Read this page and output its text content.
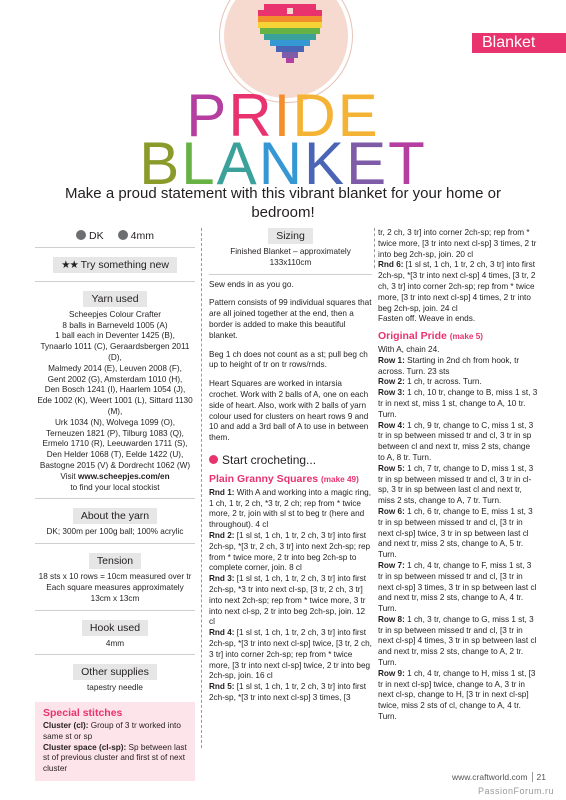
Blanket
PRIDE
BLANKET
Make a proud statement with this vibrant blanket for your home or bedroom!
DK	4mm
★★ Try something new
Yarn used
Scheepjes Colour Crafter
8 balls in Barneveld 1005 (A)
1 ball each in Deventer 1425 (B),
Tynaarlo 1011 (C), Geraardsbergen 2011 (D),
Malmedy 2014 (E), Leuven 2008 (F),
Gent 2002 (G), Amsterdam 1010 (H),
Den Bosch 1241 (I), Haarlem 1054 (J),
Ede 1002 (K), Weert 1001 (L), Sittard 1130 (M),
Urk 1034 (N), Wolvega 1099 (O),
Terneuzen 1821 (P), Tilburg 1083 (Q),
Ermelo 1710 (R), Leeuwarden 1711 (S),
Den Helder 1068 (T), Eelde 1422 (U),
Bastogne 2015 (V) & Dordrecht 1062 (W)
Visit www.scheepjes.com/en
to find your local stockist
About the yarn
DK; 300m per 100g ball; 100% acrylic
Tension
18 sts x 10 rows = 10cm measured over tr
Each square measures approximately
13cm x 13cm
Hook used
4mm
Other supplies
tapestry needle
Special stitches
Cluster (cl): Group of 3 tr worked into same st or sp
Cluster space (cl-sp): Sp between last st of previous cluster and first st of next cluster
Sizing
Finished Blanket – approximately
133x110cm
Sew ends in as you go.
Pattern consists of 99 individual squares that are all joined together at the end, then a border is added to make this beautiful blanket.
Beg 1 ch does not count as a st; pull beg ch up to height of tr on tr rows/rnds.
Heart Squares are worked in intarsia crochet. Work with 2 balls of A, one on each side of heart. Also, work with 2 balls of yarn colour used for clusters on heart rows 9 and 10 and add a 3rd ball of A to use in between them.
Start crocheting...
Plain Granny Squares (make 49)
Rnd 1: With A and working into a magic ring, 1 ch, 1 tr, 2 ch, *3 tr, 2 ch; rep from * twice more, 2 tr, join with sl st to beg tr (here and throughout). 4 cl
Rnd 2: [1 sl st, 1 ch, 1 tr, 2 ch, 3 tr] into first 2ch-sp, *[3 tr, 2 ch, 3 tr] into next 2ch-sp; rep from * twice more, 2 tr into beg 2ch-sp to complete corner, join. 8 cl
Rnd 3: [1 sl st, 1 ch, 1 tr, 2 ch, 3 tr] into first 2ch-sp, *3 tr into next cl-sp, [3 tr, 2 ch, 3 tr] into next 2ch-sp; rep from * twice more, 3 tr into next cl-sp, 2 tr into beg 2ch-sp, join. 12 cl
Rnd 4: [1 sl st, 1 ch, 1 tr, 2 ch, 3 tr] into first 2ch-sp, *[3 tr into next cl-sp] twice, [3 tr, 2 ch, 3 tr] into corner 2ch-sp; rep from * twice more, [3 tr into next cl-sp] twice, 2 tr into beg 2ch-sp, join. 16 cl
Rnd 5: [1 sl st, 1 ch, 1 tr, 2 ch, 3 tr] into first 2ch-sp, *[3 tr into next cl-sp] 3 times, [3
tr, 2 ch, 3 tr] into corner 2ch-sp; rep from * twice more, [3 tr into next cl-sp] 3 times, 2 tr into beg 2ch-sp, join. 20 cl
Rnd 6: [1 sl st, 1 ch, 1 tr, 2 ch, 3 tr] into first 2ch-sp, *[3 tr into next cl-sp] 4 times, [3 tr, 2 ch, 3 tr] into corner 2ch-sp; rep from * twice more, [3 tr into next cl-sp] 4 times, 2 tr into beg 2ch-sp, join. 24 cl
Fasten off. Weave in ends.
Original Pride (make 5)
With A, chain 24.
Row 1: Starting in 2nd ch from hook, tr across. Turn. 23 sts
Row 2: 1 ch, tr across. Turn.
Row 3: 1 ch, 10 tr, change to B, miss 1 st, 3 tr in next st, miss 1 st, change to A, 10 tr. Turn.
Row 4: 1 ch, 9 tr, change to C, miss 1 st, 3 tr in sp between missed tr and cl, 3 tr in sp between cl and next tr, miss 2 sts, change to A, 8 tr. Turn.
Row 5: 1 ch, 7 tr, change to D, miss 1 st, 3 tr in sp between missed tr and cl, 3 tr in cl-sp, 3 tr in sp between last cl and next tr, miss 2 sts, change to A, 7 tr. Turn.
Row 6: 1 ch, 6 tr, change to E, miss 1 st, 3 tr in sp between missed tr and cl, [3 tr in next cl-sp] twice, 3 tr in sp between last cl and next tr, miss 2 sts, change to A, 5 tr. Turn.
Row 7: 1 ch, 4 tr, change to F, miss 1 st, 3 tr in sp between missed tr and cl, [3 tr in next cl-sp] 3 times, 3 tr in sp between last cl and next tr, miss 2 sts, change to A, 4 tr. Turn.
Row 8: 1 ch, 3 tr, change to G, miss 1 st, 3 tr in sp between missed tr and cl, [3 tr in next cl-sp] 4 times, 3 tr in sp between last cl and next tr, miss 2 sts, change to A, 2 tr. Turn.
Row 9: 1 ch, 4 tr, change to H, miss 1 st, [3 tr in next cl-sp] twice, change to A, 3 tr in next cl-sp, change to H, [3 tr in next cl-sp] twice, miss 2 sts of cl, change to A, 4 tr. Turn.
www.craftworld.com 21
PassionForum.ru
